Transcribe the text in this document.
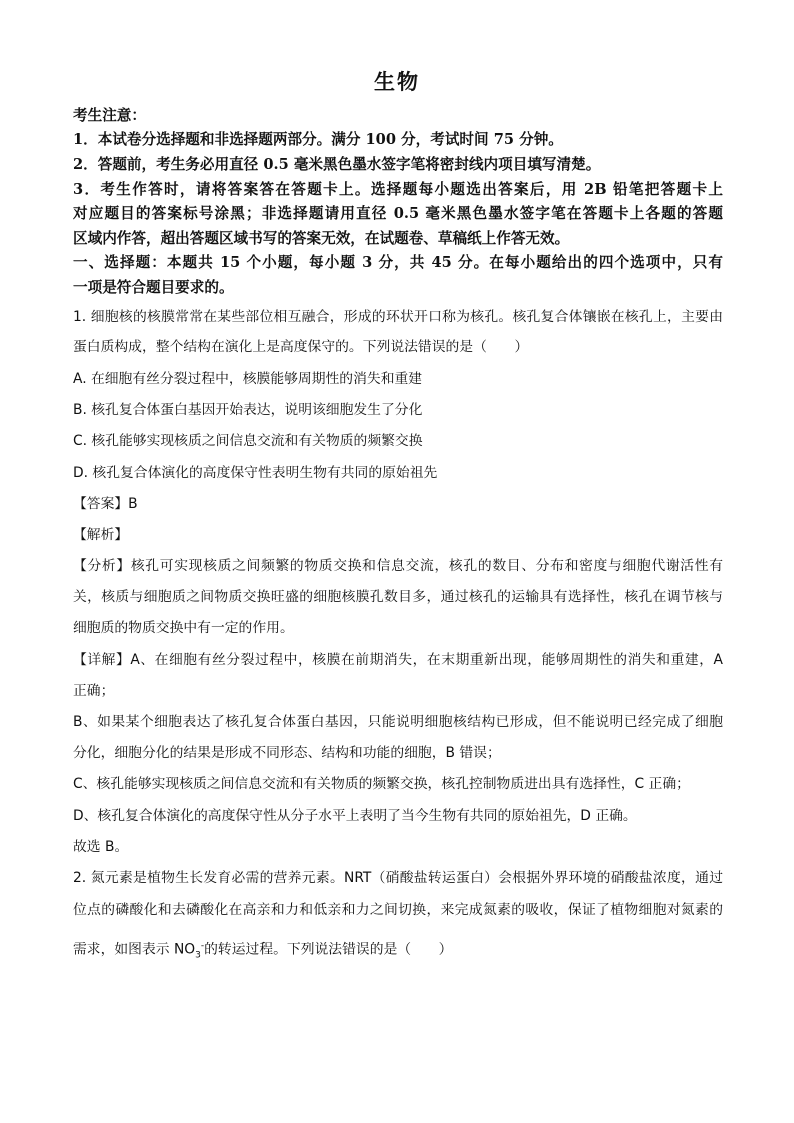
生物
考生注意：
1．本试卷分选择题和非选择题两部分。满分 100 分，考试时间 75 分钟。
2．答题前，考生务必用直径 0.5 毫米黑色墨水签字笔将密封线内项目填写清楚。
3．考生作答时，请将答案答在答题卡上。选择题每小题选出答案后，用 2B 铅笔把答题卡上
对应题目的答案标号涂黑；非选择题请用直径 0.5 毫米黑色墨水签字笔在答题卡上各题的答题
区域内作答，超出答题区域书写的答案无效，在试题卷、草稿纸上作答无效。
一、选择题：本题共 15 个小题，每小题 3 分，共 45 分。在每小题给出的四个选项中，只有
一项是符合题目要求的。
1. 细胞核的核膜常常在某些部位相互融合，形成的环状开口称为核孔。核孔复合体镶嵌在核孔上，主要由
蛋白质构成，整个结构在演化上是高度保守的。下列说法错误的是（　　）
A. 在细胞有丝分裂过程中，核膜能够周期性的消失和重建
B. 核孔复合体蛋白基因开始表达，说明该细胞发生了分化
C. 核孔能够实现核质之间信息交流和有关物质的频繁交换
D. 核孔复合体演化的高度保守性表明生物有共同的原始祖先
【答案】B
【解析】
【分析】核孔可实现核质之间频繁的物质交换和信息交流，核孔的数目、分布和密度与细胞代谢活性有
关，核质与细胞质之间物质交换旺盛的细胞核膜孔数目多，通过核孔的运输具有选择性，核孔在调节核与
细胞质的物质交换中有一定的作用。
【详解】A、在细胞有丝分裂过程中，核膜在前期消失，在末期重新出现，能够周期性的消失和重建，A
正确；
B、如果某个细胞表达了核孔复合体蛋白基因，只能说明细胞核结构已形成，但不能说明已经完成了细胞
分化，细胞分化的结果是形成不同形态、结构和功能的细胞，B 错误；
C、核孔能够实现核质之间信息交流和有关物质的频繁交换，核孔控制物质进出具有选择性，C 正确；
D、核孔复合体演化的高度保守性从分子水平上表明了当今生物有共同的原始祖先，D 正确。
故选 B。
2. 氮元素是植物生长发育必需的营养元素。NRT（硝酸盐转运蛋白）会根据外界环境的硝酸盐浓度，通过
位点的磷酸化和去磷酸化在高亲和力和低亲和力之间切换，来完成氮素的吸收，保证了植物细胞对氮素的
需求，如图表示 $NO_3^-$的转运过程。下列说法错误的是（　　）
